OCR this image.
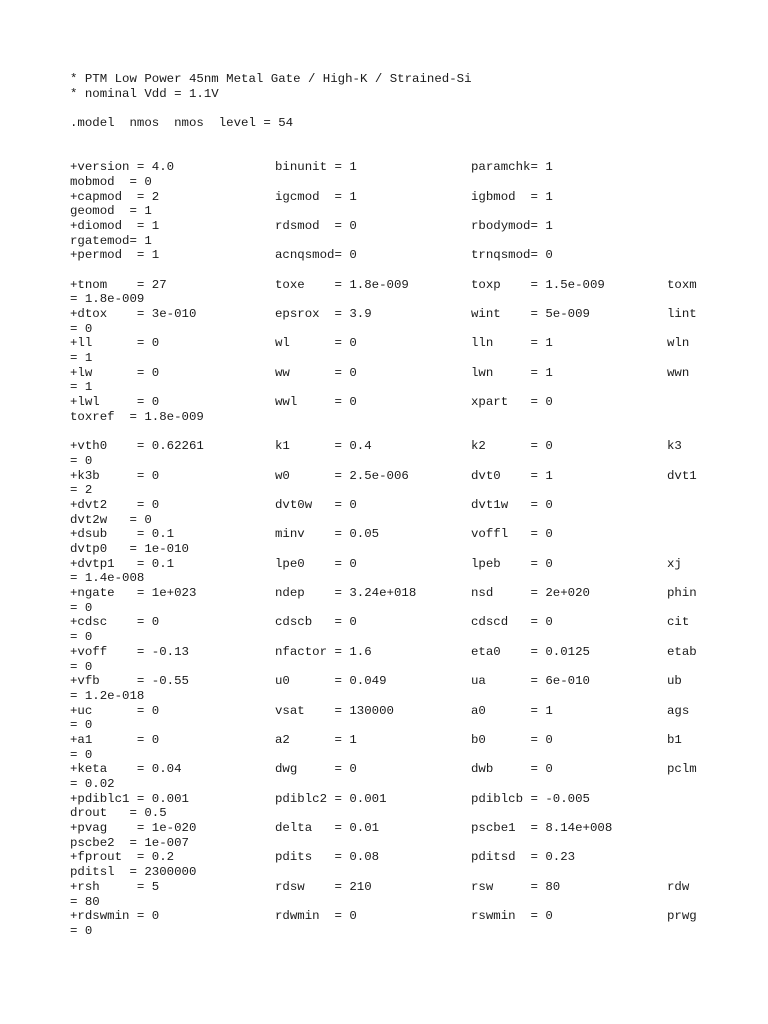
* PTM Low Power 45nm Metal Gate / High-K / Strained-Si
* nominal Vdd = 1.1V
.model  nmos  nmos  level = 54
+version = 4.0	binunit = 1	paramchk= 1
mobmod  = 0
+capmod  = 2	igcmod  = 1	igbmod  = 1
geomod  = 1
+diomod  = 1	rdsmod  = 0	rbodymod= 1
rgatemod= 1
+permod  = 1	acnqsmod= 0	trnqsmod= 0
+tnom    = 27	toxe    = 1.8e-009	toxp    = 1.5e-009	toxm
= 1.8e-009
+dtox    = 3e-010	epsrox  = 3.9	wint    = 5e-009	lint
= 0
+ll      = 0	wl      = 0	lln     = 1	wln
= 1
+lw      = 0	ww      = 0	lwn     = 1	wwn
= 1
+lwl     = 0	wwl     = 0	xpart   = 0
toxref  = 1.8e-009
+vth0    = 0.62261	k1      = 0.4	k2      = 0	k3
= 0
+k3b     = 0	w0      = 2.5e-006	dvt0    = 1	dvt1
= 2
+dvt2    = 0	dvt0w   = 0	dvt1w   = 0
dvt2w   = 0
+dsub    = 0.1	minv    = 0.05	voffl   = 0
dvtp0   = 1e-010
+dvtp1   = 0.1	lpe0    = 0	lpeb    = 0	xj
= 1.4e-008
+ngate   = 1e+023	ndep    = 3.24e+018	nsd     = 2e+020	phin
= 0
+cdsc    = 0	cdscb   = 0	cdscd   = 0	cit
= 0
+voff    = -0.13	nfactor = 1.6	eta0    = 0.0125	etab
= 0
+vfb     = -0.55	u0      = 0.049	ua      = 6e-010	ub
= 1.2e-018
+uc      = 0	vsat    = 130000	a0      = 1	ags
= 0
+a1      = 0	a2      = 1	b0      = 0	b1
= 0
+keta    = 0.04	dwg     = 0	dwb     = 0	pclm
= 0.02
+pdiblc1 = 0.001	pdiblc2 = 0.001	pdiblcb = -0.005
drout   = 0.5
+pvag    = 1e-020	delta   = 0.01	pscbe1  = 8.14e+008
pscbe2  = 1e-007
+fprout  = 0.2	pdits   = 0.08	pditsd  = 0.23
pditsl  = 2300000
+rsh     = 5	rdsw    = 210	rsw     = 80	rdw
= 80
+rdswmin = 0	rdwmin  = 0	rswmin  = 0	prwg
= 0
